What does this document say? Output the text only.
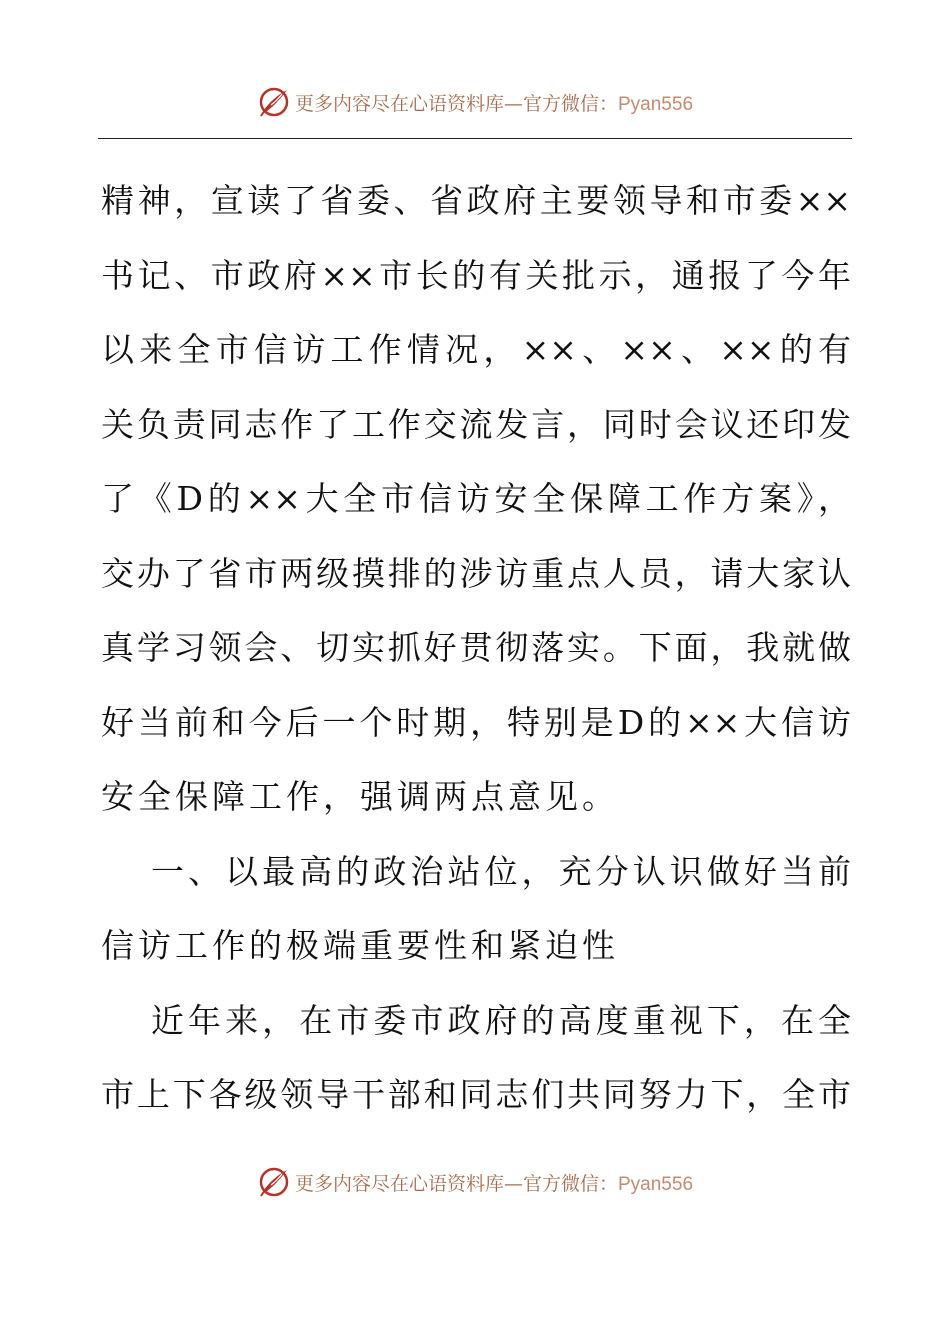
更多内容尽在心语资料库—官方微信：Pyan556
精神，宣读了省委、省政府主要领导和市委××
书记、市政府××市长的有关批示，通报了今年
以来全市信访工作情况，××、××、××的有
关负责同志作了工作交流发言，同时会议还印发
了《D的××大全市信访安全保障工作方案》，
交办了省市两级摸排的涉访重点人员，请大家认
真学习领会、切实抓好贯彻落实。下面，我就做
好当前和今后一个时期，特别是D的××大信访
安全保障工作，强调两点意见。
一、以最高的政治站位，充分认识做好当前
信访工作的极端重要性和紧迫性
近年来，在市委市政府的高度重视下，在全
市上下各级领导干部和同志们共同努力下，全市
更多内容尽在心语资料库—官方微信：Pyan556
